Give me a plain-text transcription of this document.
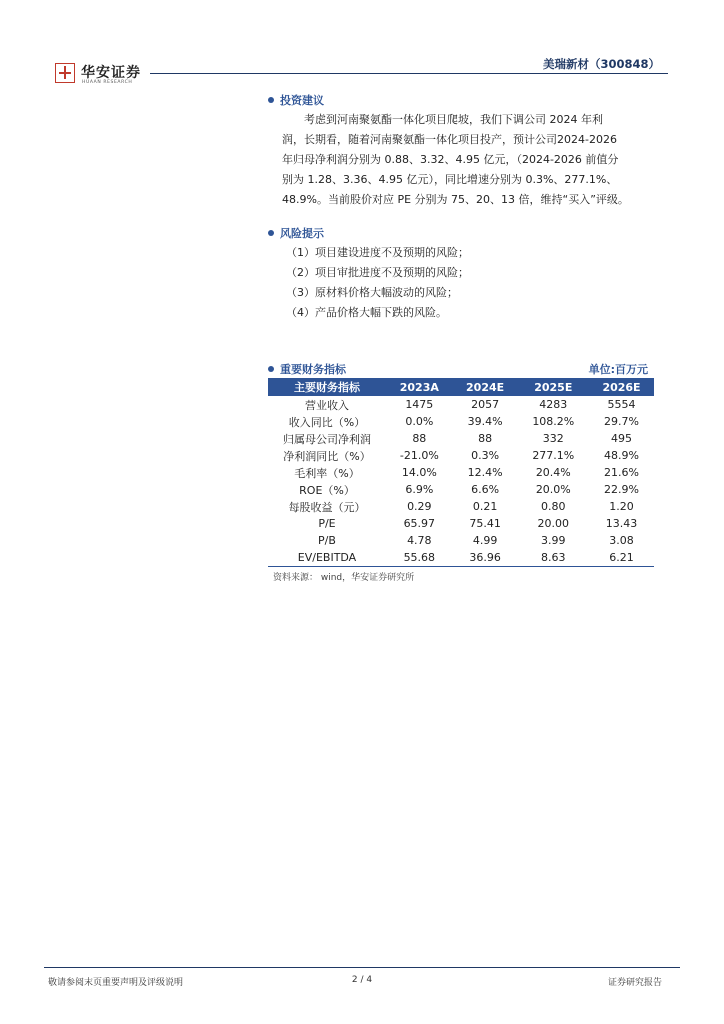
华安证券
HUAAN RESEARCH
美瑞新材（300848）
投资建议
考虑到河南聚氨酯一体化项目爬坡，我们下调公司 2024 年利
润，长期看，随着河南聚氨酯一体化项目投产，预计公司2024-2026
年归母净利润分别为 0.88、3.32、4.95 亿元，（2024-2026 前值分
别为 1.28、3.36、4.95 亿元），同比增速分别为 0.3%、277.1%、
48.9%。当前股价对应 PE 分别为 75、20、13 倍，维持“买入”评级。
风险提示
（1）项目建设进度不及预期的风险；
（2）项目审批进度不及预期的风险；
（3）原材料价格大幅波动的风险；
（4）产品价格大幅下跌的风险。
重要财务指标	单位:百万元
主要财务指标	2023A	2024E	2025E	2026E
营业收入	1475	2057	4283	5554
收入同比（%）	0.0%	39.4%	108.2%	29.7%
归属母公司净利润	88	88	332	495
净利润同比（%）	-21.0%	0.3%	277.1%	48.9%
毛利率（%）	14.0%	12.4%	20.4%	21.6%
ROE（%）	6.9%	6.6%	20.0%	22.9%
每股收益（元）	0.29	0.21	0.80	1.20
P/E	65.97	75.41	20.00	13.43
P/B	4.78	4.99	3.99	3.08
EV/EBITDA	55.68	36.96	8.63	6.21
资料来源： wind，华安证券研究所
敬请参阅末页重要声明及评级说明	2 / 4	证券研究报告
